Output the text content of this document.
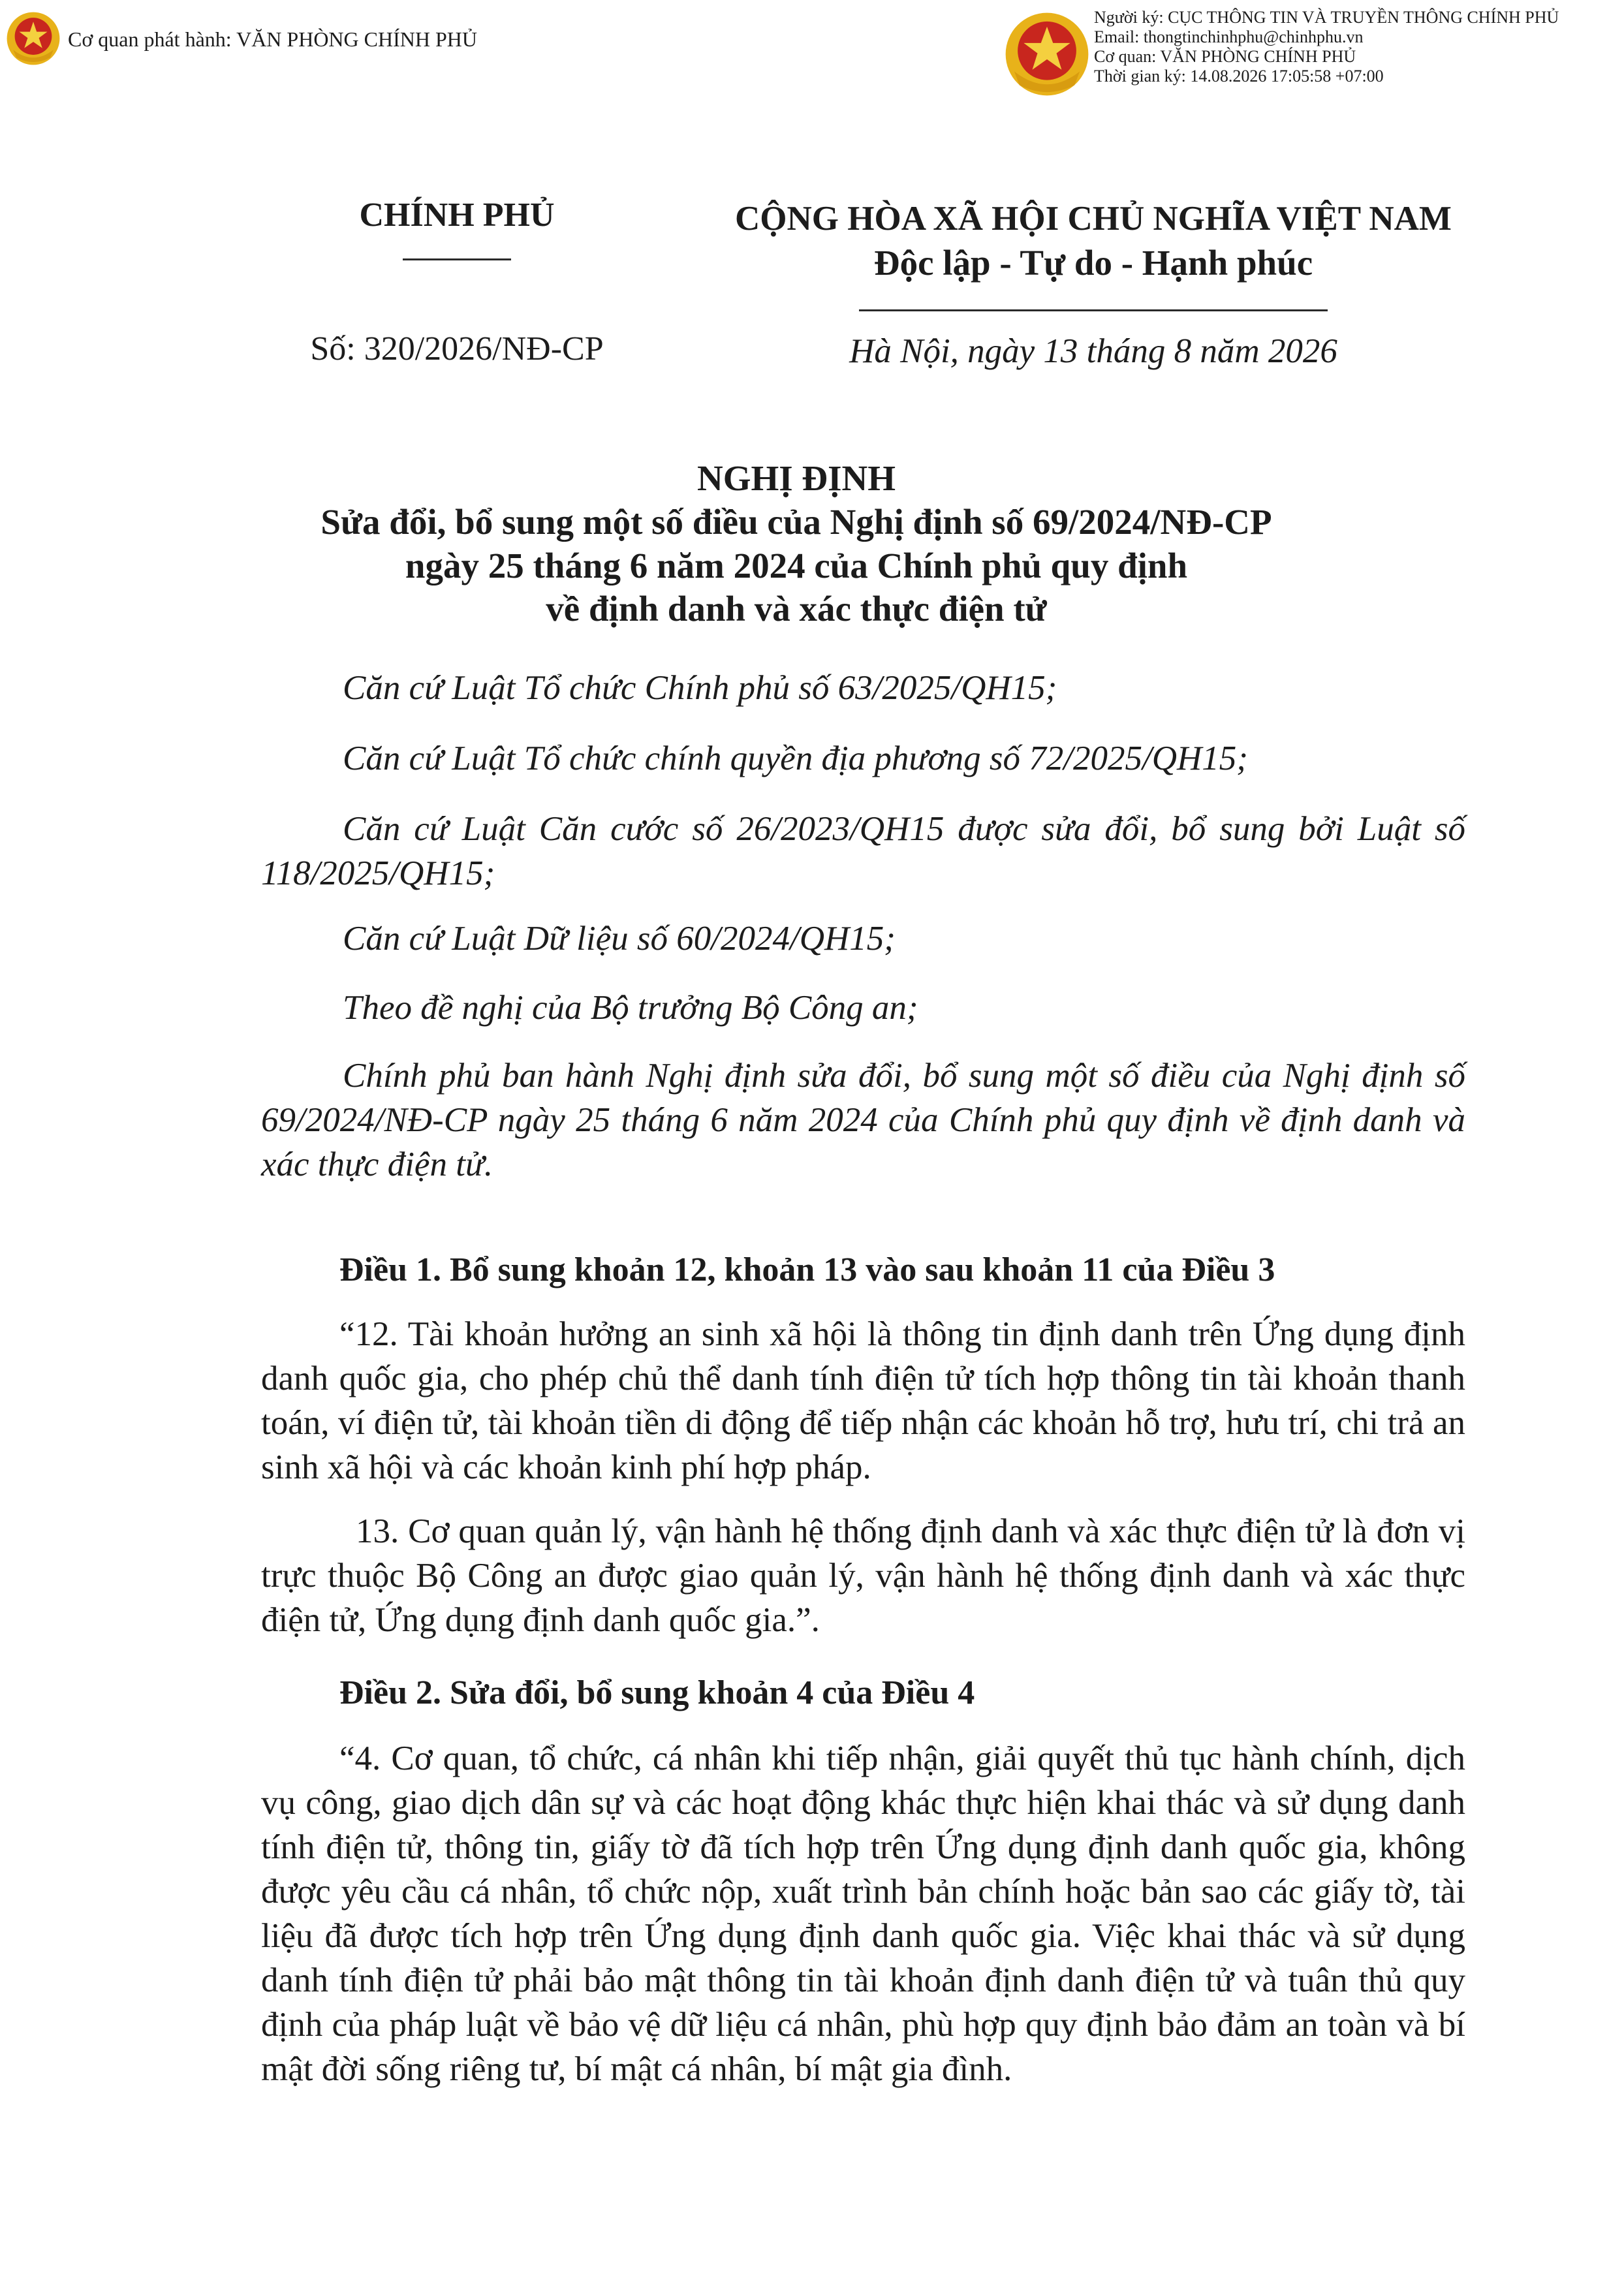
Cơ quan phát hành: VĂN PHÒNG CHÍNH PHỦ
Người ký: CỤC THÔNG TIN VÀ TRUYỀN THÔNG CHÍNH PHỦ
Email: thongtinchinhphu@chinhphu.vn
Cơ quan: VĂN PHÒNG CHÍNH PHỦ
Thời gian ký: 14.08.2026 17:05:58 +07:00
CHÍNH PHỦ
Số: 320/2026/NĐ-CP
CỘNG HÒA XÃ HỘI CHỦ NGHĨA VIỆT NAM
Độc lập - Tự do - Hạnh phúc
Hà Nội, ngày 13 tháng 8 năm 2026
NGHỊ ĐỊNH
Sửa đổi, bổ sung một số điều của Nghị định số 69/2024/NĐ-CP
ngày 25 tháng 6 năm 2024 của Chính phủ quy định
về định danh và xác thực điện tử
Căn cứ Luật Tổ chức Chính phủ số 63/2025/QH15;
Căn cứ Luật Tổ chức chính quyền địa phương số 72/2025/QH15;
Căn cứ Luật Căn cước số 26/2023/QH15 được sửa đổi, bổ sung bởi Luật số 118/2025/QH15;
Căn cứ Luật Dữ liệu số 60/2024/QH15;
Theo đề nghị của Bộ trưởng Bộ Công an;
Chính phủ ban hành Nghị định sửa đổi, bổ sung một số điều của Nghị định số 69/2024/NĐ-CP ngày 25 tháng 6 năm 2024 của Chính phủ quy định về định danh và xác thực điện tử.
Điều 1. Bổ sung khoản 12, khoản 13 vào sau khoản 11 của Điều 3
“12. Tài khoản hưởng an sinh xã hội là thông tin định danh trên Ứng dụng định danh quốc gia, cho phép chủ thể danh tính điện tử tích hợp thông tin tài khoản thanh toán, ví điện tử, tài khoản tiền di động để tiếp nhận các khoản hỗ trợ, hưu trí, chi trả an sinh xã hội và các khoản kinh phí hợp pháp.
13. Cơ quan quản lý, vận hành hệ thống định danh và xác thực điện tử là đơn vị trực thuộc Bộ Công an được giao quản lý, vận hành hệ thống định danh và xác thực điện tử, Ứng dụng định danh quốc gia.”.
Điều 2. Sửa đổi, bổ sung khoản 4 của Điều 4
“4. Cơ quan, tổ chức, cá nhân khi tiếp nhận, giải quyết thủ tục hành chính, dịch vụ công, giao dịch dân sự và các hoạt động khác thực hiện khai thác và sử dụng danh tính điện tử, thông tin, giấy tờ đã tích hợp trên Ứng dụng định danh quốc gia, không được yêu cầu cá nhân, tổ chức nộp, xuất trình bản chính hoặc bản sao các giấy tờ, tài liệu đã được tích hợp trên Ứng dụng định danh quốc gia. Việc khai thác và sử dụng danh tính điện tử phải bảo mật thông tin tài khoản định danh điện tử và tuân thủ quy định của pháp luật về bảo vệ dữ liệu cá nhân, phù hợp quy định bảo đảm an toàn và bí mật đời sống riêng tư, bí mật cá nhân, bí mật gia đình.
